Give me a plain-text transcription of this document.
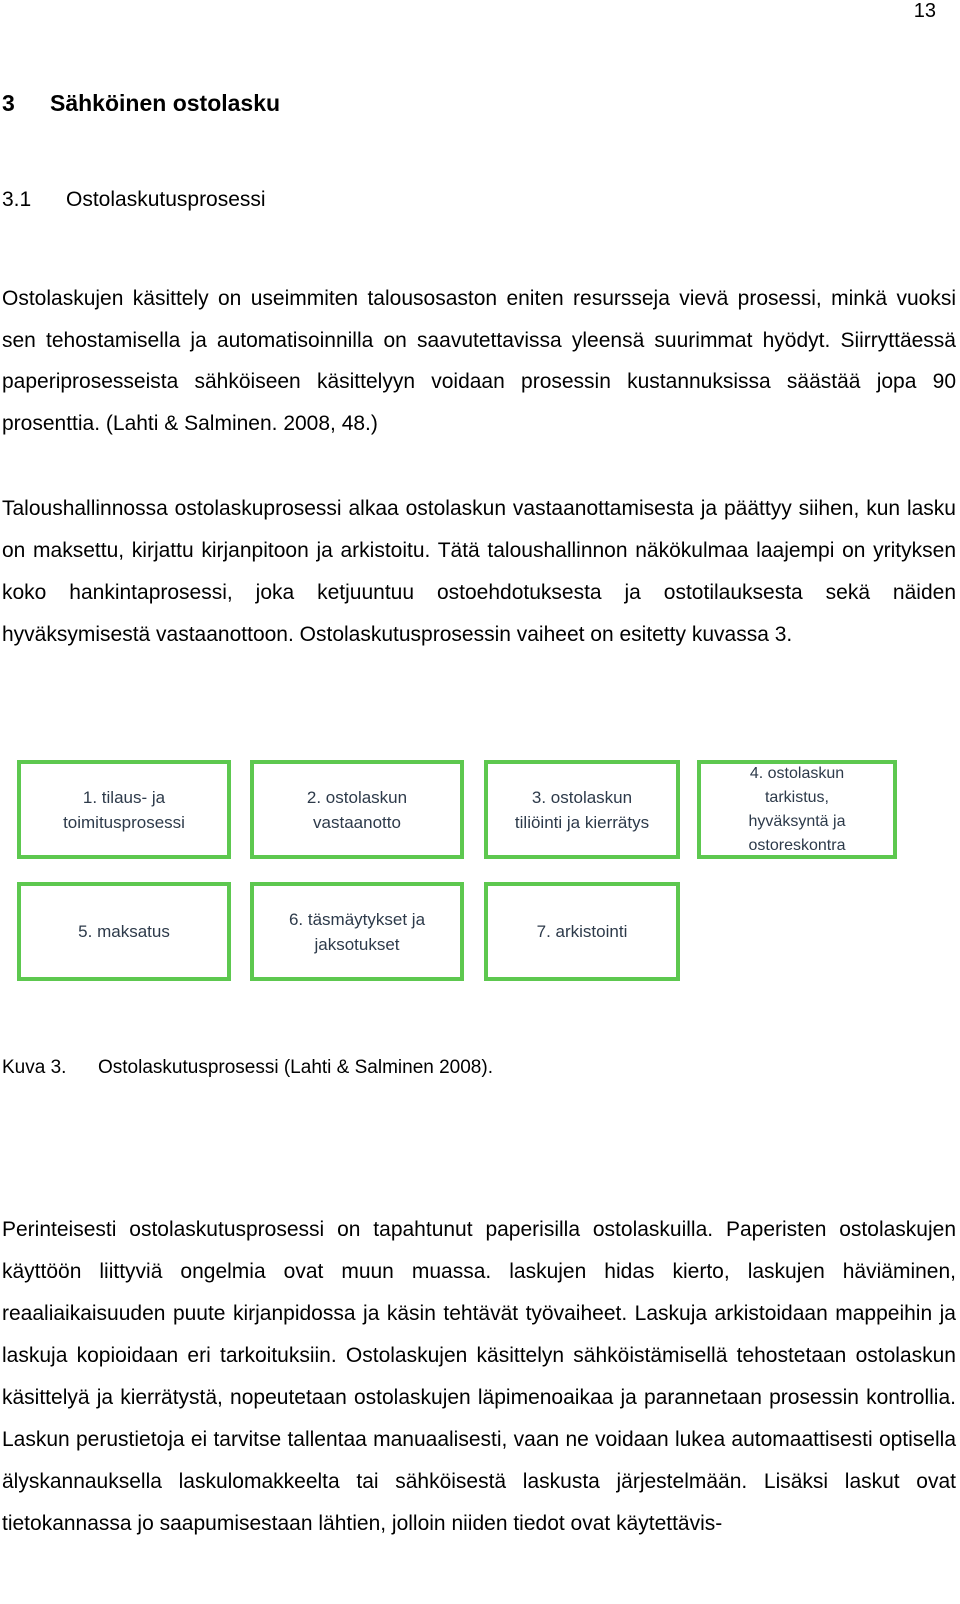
13
3 Sähköinen ostolasku
3.1 Ostolaskutusprosessi

Ostolaskujen käsittely on useimmiten talousosaston eniten resursseja vievä prosessi, minkä vuoksi sen tehostamisella ja automatisoinnilla on saavutettavissa yleensä suurimmat hyödyt. Siirryttäessä paperiprosesseista sähköiseen käsittelyyn voidaan prosessin kustannuksissa säästää jopa 90 prosenttia. (Lahti & Salminen. 2008, 48.)

Taloushallinnossa ostolaskuprosessi alkaa ostolaskun vastaanottamisesta ja päättyy siihen, kun lasku on maksettu, kirjattu kirjanpitoon ja arkistoitu. Tätä taloushallinnon näkökulmaa laajempi on yrityksen koko hankintaprosessi, joka ketjuuntuu ostoehdotuksesta ja ostotilauksesta sekä näiden hyväksymisestä vastaanottoon. Ostolaskutusprosessin vaiheet on esitetty kuvassa 3.

1. tilaus- ja
toimitusprosessi
2. ostolaskun
vastaanotto
3. ostolaskun
tiliöinti ja kierrätys
4. ostolaskun
tarkistus,
hyväksyntä ja
ostoreskontra
5. maksatus
6. täsmäytykset ja
jaksotukset
7. arkistointi

Kuva 3. Ostolaskutusprosessi (Lahti & Salminen 2008).

Perinteisesti ostolaskutusprosessi on tapahtunut paperisilla ostolaskuilla. Paperisten ostolaskujen käyttöön liittyviä ongelmia ovat muun muassa. laskujen hidas kierto, laskujen häviäminen, reaaliaikaisuuden puute kirjanpidossa ja käsin tehtävät työvaiheet. Laskuja arkistoidaan mappeihin ja laskuja kopioidaan eri tarkoituksiin. Ostolaskujen käsittelyn sähköistämisellä tehostetaan ostolaskun käsittelyä ja kierrätystä, nopeutetaan ostolaskujen läpimenoaikaa ja parannetaan prosessin kontrollia. Laskun perustietoja ei tarvitse tallentaa manuaalisesti, vaan ne voidaan lukea automaattisesti optisella älyskannauksella laskulomakkeelta tai sähköisestä laskusta järjestelmään. Lisäksi laskut ovat tietokannassa jo saapumisestaan lähtien, jolloin niiden tiedot ovat käytettävis-
